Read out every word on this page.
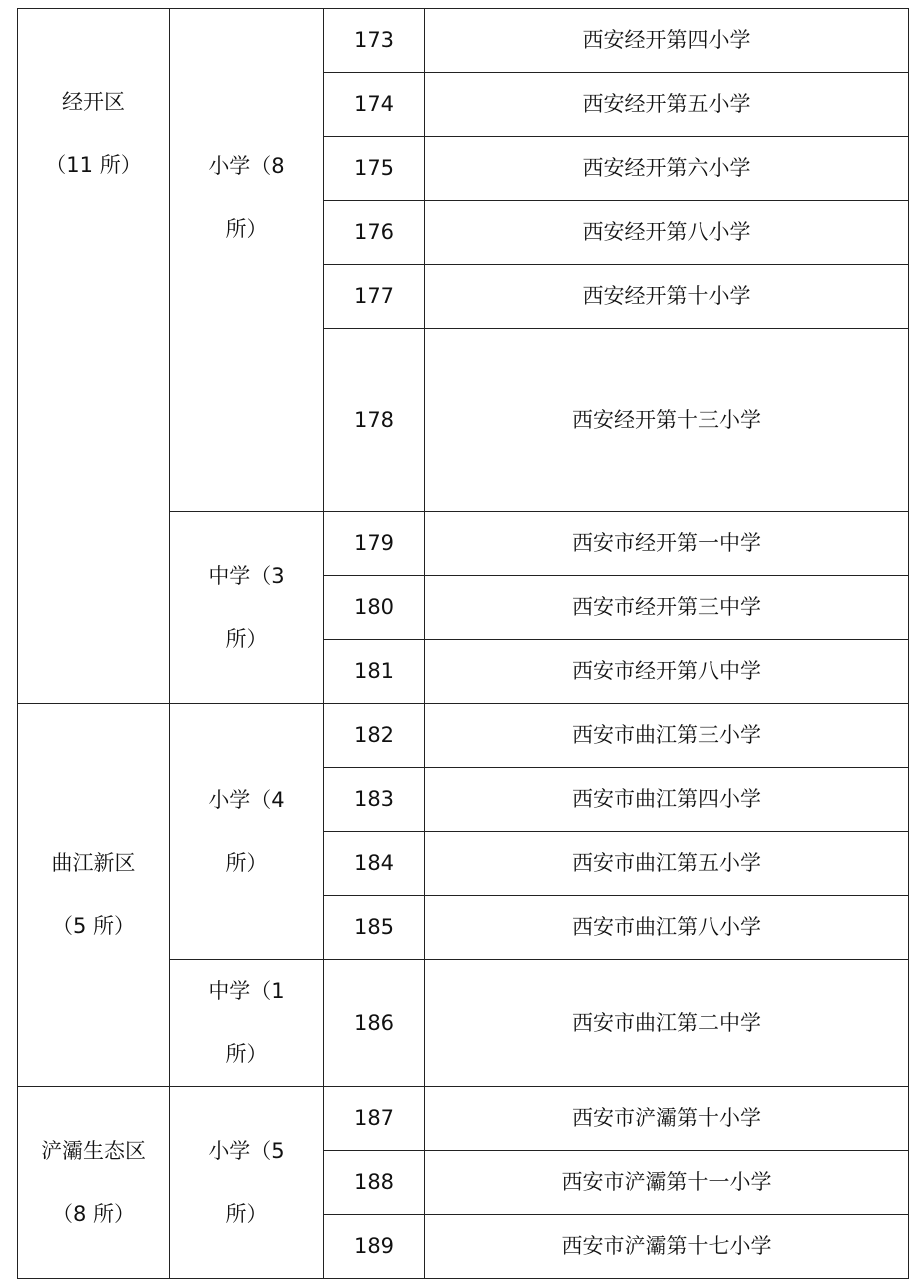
经开区
（11 所）	小学（8
所）	173	西安经开第四小学
		174	西安经开第五小学
		175	西安经开第六小学
		176	西安经开第八小学
		177	西安经开第十小学
		178	西安经开第十三小学

	中学（3
所）	179	西安市经开第一中学
		180	西安市经开第三中学
		181	西安市经开第八中学

曲江新区
（5 所）	小学（4
所）	182	西安市曲江第三小学
		183	西安市曲江第四小学
		184	西安市曲江第五小学
		185	西安市曲江第八小学

	中学（1
所）	186	西安市曲江第二中学

浐灞生态区
（8 所）	小学（5
所）	187	西安市浐灞第十小学
		188	西安市浐灞第十一小学
		189	西安市浐灞第十七小学
